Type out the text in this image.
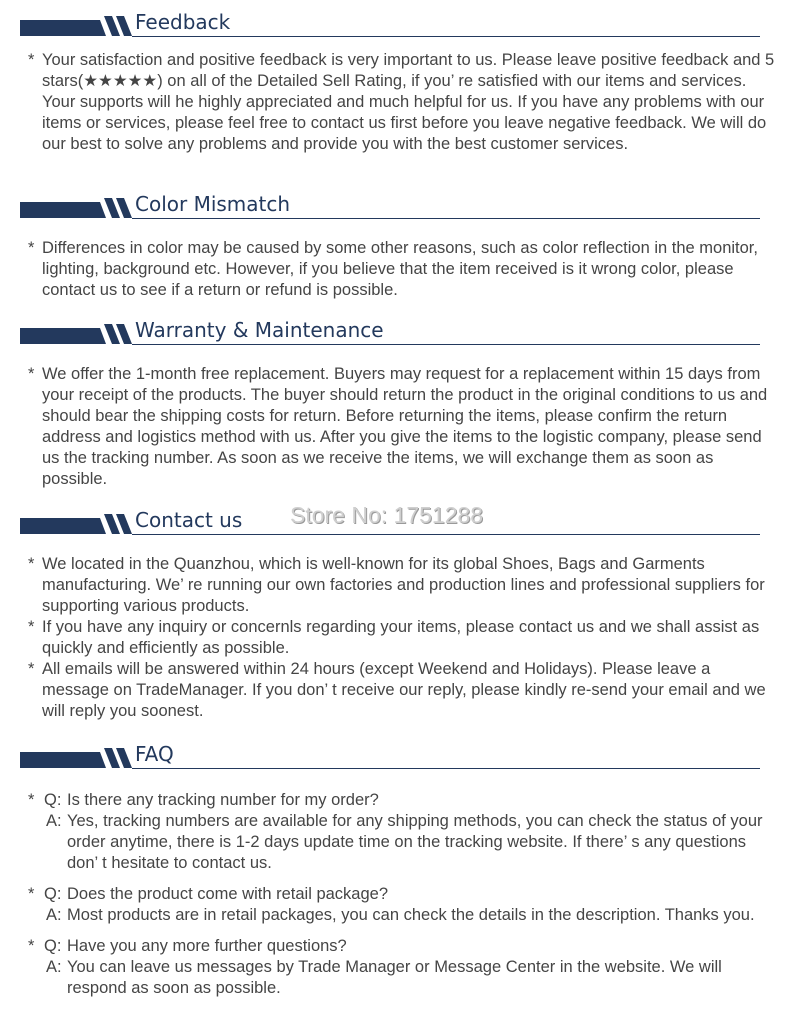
Feedback

* Your satisfaction and positive feedback is very important to us. Please leave positive feedback and 5 stars(★★★★★) on all of the Detailed Sell Rating, if you’ re satisfied with our items and services. Your supports will he highly appreciated and much helpful for us. If you have any problems with our items or services, please feel free to contact us first before you leave negative feedback. We will do our best to solve any problems and provide you with the best customer services.

Color Mismatch

* Differences in color may be caused by some other reasons, such as color reflection in the monitor, lighting, background etc. However, if you believe that the item received is it wrong color, please contact us to see if a return or refund is possible.

Warranty & Maintenance

* We offer the 1-month free replacement. Buyers may request for a replacement within 15 days from your receipt of the products. The buyer should return the product in the original conditions to us and should bear the shipping costs for return. Before returning the items, please confirm the return address and logistics method with us. After you give the items to the logistic company, please send us the tracking number. As soon as we receive the items, we will exchange them as soon as possible.

Contact us Store No: 1751288

* We located in the Quanzhou, which is well-known for its global Shoes, Bags and Garments manufacturing. We’ re running our own factories and production lines and professional suppliers for supporting various products.

* If you have any inquiry or concernls regarding your items, please contact us and we shall assist as quickly and efficiently as possible.

* All emails will be answered within 24 hours (except Weekend and Holidays). Please leave a message on TradeManager. If you don’ t receive our reply, please kindly re-send your email and we will reply you soonest.

FAQ
* Q: Is there any tracking number for my order?
A: Yes, tracking numbers are available for any shipping methods, you can check the status of your order anytime, there is 1-2 days update time on the tracking website. If there’ s any questions don’ t hesitate to contact us.
* Q: Does the product come with retail package?
A: Most products are in retail packages, you can check the details in the description. Thanks you.
* Q: Have you any more further questions?
A: You can leave us messages by Trade Manager or Message Center in the website. We will respond as soon as possible.
